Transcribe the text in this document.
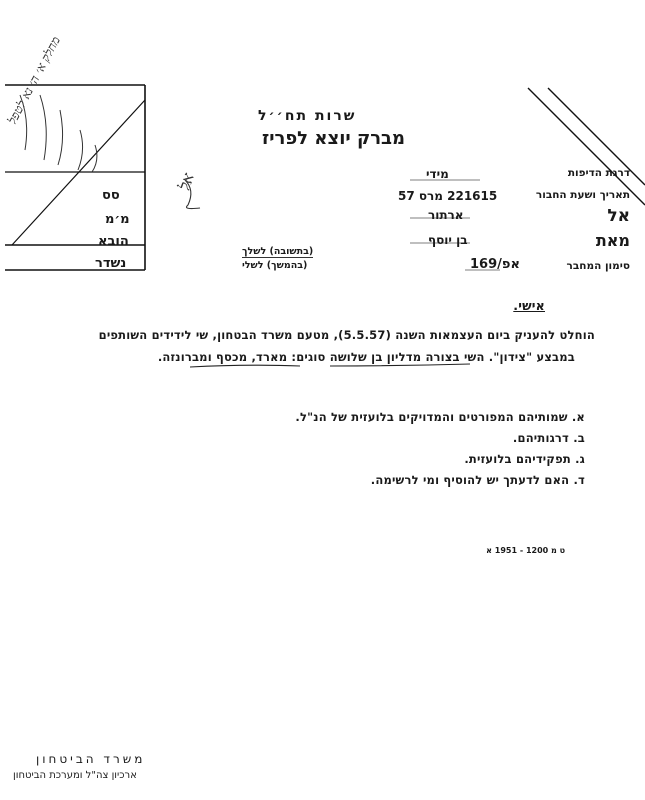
שרות תח׳׳ל
מברק יוצא לפריז
מידי	דרגת הדיפות
221615 מרס 57	תאריך ושעת החבור
ארתור	אל
בן יוסף	מאת
אפ/169	סימון המחבר
(בתשובה) לשלך
(בהמשך) לשלי
סס
מ׳מ
הובא
נשדר
מחלק א׳ ה׳ נא לטפל
אל
אישי.
הוחלט להעניק ביום העצמאות השנה (5.5.57), מטעם משרד הבטחון, שי לידידים השותפים
במבצע "צידון". השי בצורה מדליון בן שלושה סוגים: מארד, מכסף ומברונזה.
א. שמותיהם המפורטים והמדויקים בלועזית של הנ"ל.
ב. דרגותיהם.
ג. תפקידיהם בלועזית.
ד. האם לדעתך יש להוסיף ומי לרשימה.
ט מ 1200 - 1951 א
משרד הביטחון
ארכיון צה"ל ומערכת הביטחון
